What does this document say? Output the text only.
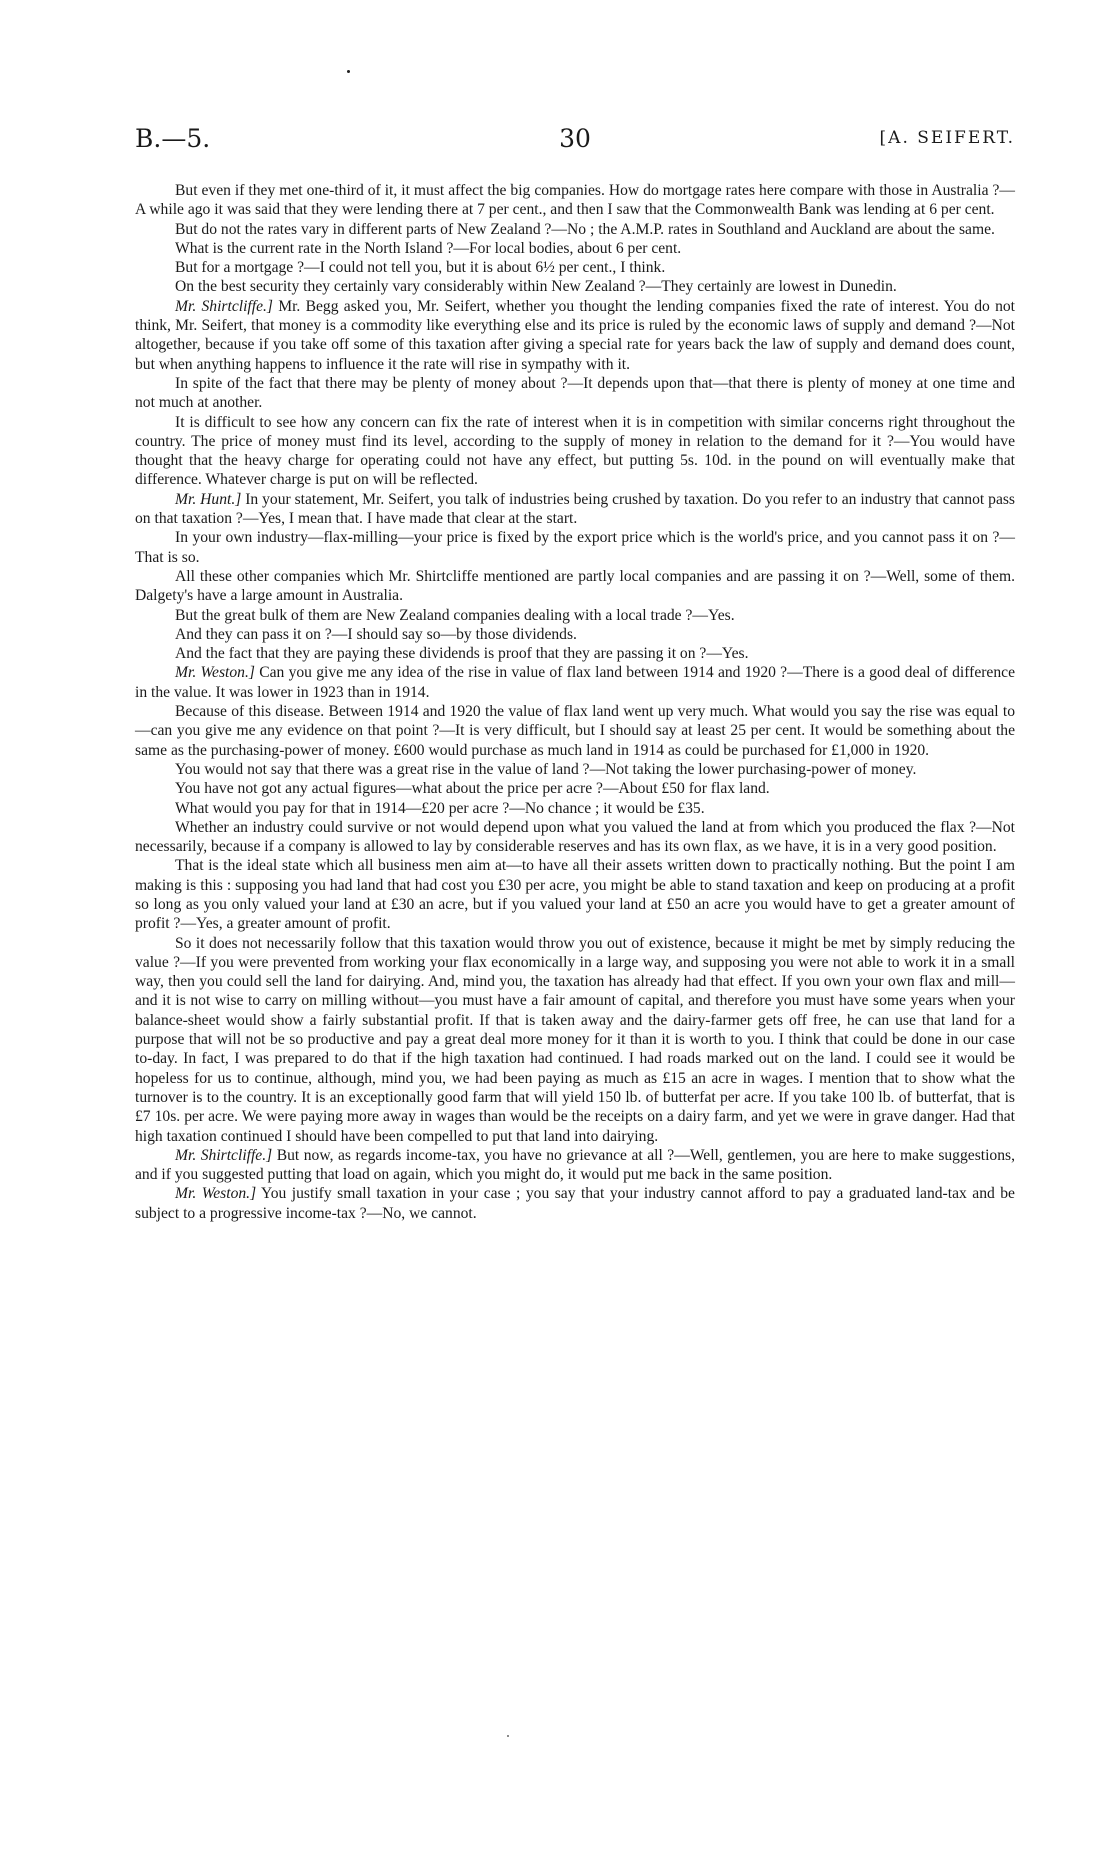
B.—5.	30	[A. SEIFERT.

But even if they met one-third of it, it must affect the big companies. How do mortgage rates here compare with those in Australia ?—A while ago it was said that they were lending there at 7 per cent., and then I saw that the Commonwealth Bank was lending at 6 per cent.

But do not the rates vary in different parts of New Zealand ?—No ; the A.M.P. rates in Southland and Auckland are about the same.

What is the current rate in the North Island ?—For local bodies, about 6 per cent.

But for a mortgage ?—I could not tell you, but it is about 6½ per cent., I think.

On the best security they certainly vary considerably within New Zealand ?—They certainly are lowest in Dunedin.

Mr. Shirtcliffe.] Mr. Begg asked you, Mr. Seifert, whether you thought the lending companies fixed the rate of interest. You do not think, Mr. Seifert, that money is a commodity like everything else and its price is ruled by the economic laws of supply and demand ?—Not altogether, because if you take off some of this taxation after giving a special rate for years back the law of supply and demand does count, but when anything happens to influence it the rate will rise in sympathy with it.

In spite of the fact that there may be plenty of money about ?—It depends upon that—that there is plenty of money at one time and not much at another.

It is difficult to see how any concern can fix the rate of interest when it is in competition with similar concerns right throughout the country. The price of money must find its level, according to the supply of money in relation to the demand for it ?—You would have thought that the heavy charge for operating could not have any effect, but putting 5s. 10d. in the pound on will eventually make that difference. Whatever charge is put on will be reflected.

Mr. Hunt.] In your statement, Mr. Seifert, you talk of industries being crushed by taxation. Do you refer to an industry that cannot pass on that taxation ?—Yes, I mean that. I have made that clear at the start.

In your own industry—flax-milling—your price is fixed by the export price which is the world's price, and you cannot pass it on ?—That is so.

All these other companies which Mr. Shirtcliffe mentioned are partly local companies and are passing it on ?—Well, some of them. Dalgety's have a large amount in Australia.

But the great bulk of them are New Zealand companies dealing with a local trade ?—Yes.

And they can pass it on ?—I should say so—by those dividends.

And the fact that they are paying these dividends is proof that they are passing it on ?—Yes.

Mr. Weston.] Can you give me any idea of the rise in value of flax land between 1914 and 1920 ?—There is a good deal of difference in the value. It was lower in 1923 than in 1914.

Because of this disease. Between 1914 and 1920 the value of flax land went up very much. What would you say the rise was equal to—can you give me any evidence on that point ?—It is very difficult, but I should say at least 25 per cent. It would be something about the same as the purchasing-power of money. £600 would purchase as much land in 1914 as could be purchased for £1,000 in 1920.

You would not say that there was a great rise in the value of land ?—Not taking the lower purchasing-power of money.

You have not got any actual figures—what about the price per acre ?—About £50 for flax land.

What would you pay for that in 1914—£20 per acre ?—No chance ; it would be £35.

Whether an industry could survive or not would depend upon what you valued the land at from which you produced the flax ?—Not necessarily, because if a company is allowed to lay by considerable reserves and has its own flax, as we have, it is in a very good position.

That is the ideal state which all business men aim at—to have all their assets written down to practically nothing. But the point I am making is this : supposing you had land that had cost you £30 per acre, you might be able to stand taxation and keep on producing at a profit so long as you only valued your land at £30 an acre, but if you valued your land at £50 an acre you would have to get a greater amount of profit ?—Yes, a greater amount of profit.

So it does not necessarily follow that this taxation would throw you out of existence, because it might be met by simply reducing the value ?—If you were prevented from working your flax economically in a large way, and supposing you were not able to work it in a small way, then you could sell the land for dairying. And, mind you, the taxation has already had that effect. If you own your own flax and mill—and it is not wise to carry on milling without—you must have a fair amount of capital, and therefore you must have some years when your balance-sheet would show a fairly substantial profit. If that is taken away and the dairy-farmer gets off free, he can use that land for a purpose that will not be so productive and pay a great deal more money for it than it is worth to you. I think that could be done in our case to-day. In fact, I was prepared to do that if the high taxation had continued. I had roads marked out on the land. I could see it would be hopeless for us to continue, although, mind you, we had been paying as much as £15 an acre in wages. I mention that to show what the turnover is to the country. It is an exceptionally good farm that will yield 150 lb. of butterfat per acre. If you take 100 lb. of butterfat, that is £7 10s. per acre. We were paying more away in wages than would be the receipts on a dairy farm, and yet we were in grave danger. Had that high taxation continued I should have been compelled to put that land into dairying.

Mr. Shirtcliffe.] But now, as regards income-tax, you have no grievance at all ?—Well, gentlemen, you are here to make suggestions, and if you suggested putting that load on again, which you might do, it would put me back in the same position.

Mr. Weston.] You justify small taxation in your case ; you say that your industry cannot afford to pay a graduated land-tax and be subject to a progressive income-tax ?—No, we cannot.
